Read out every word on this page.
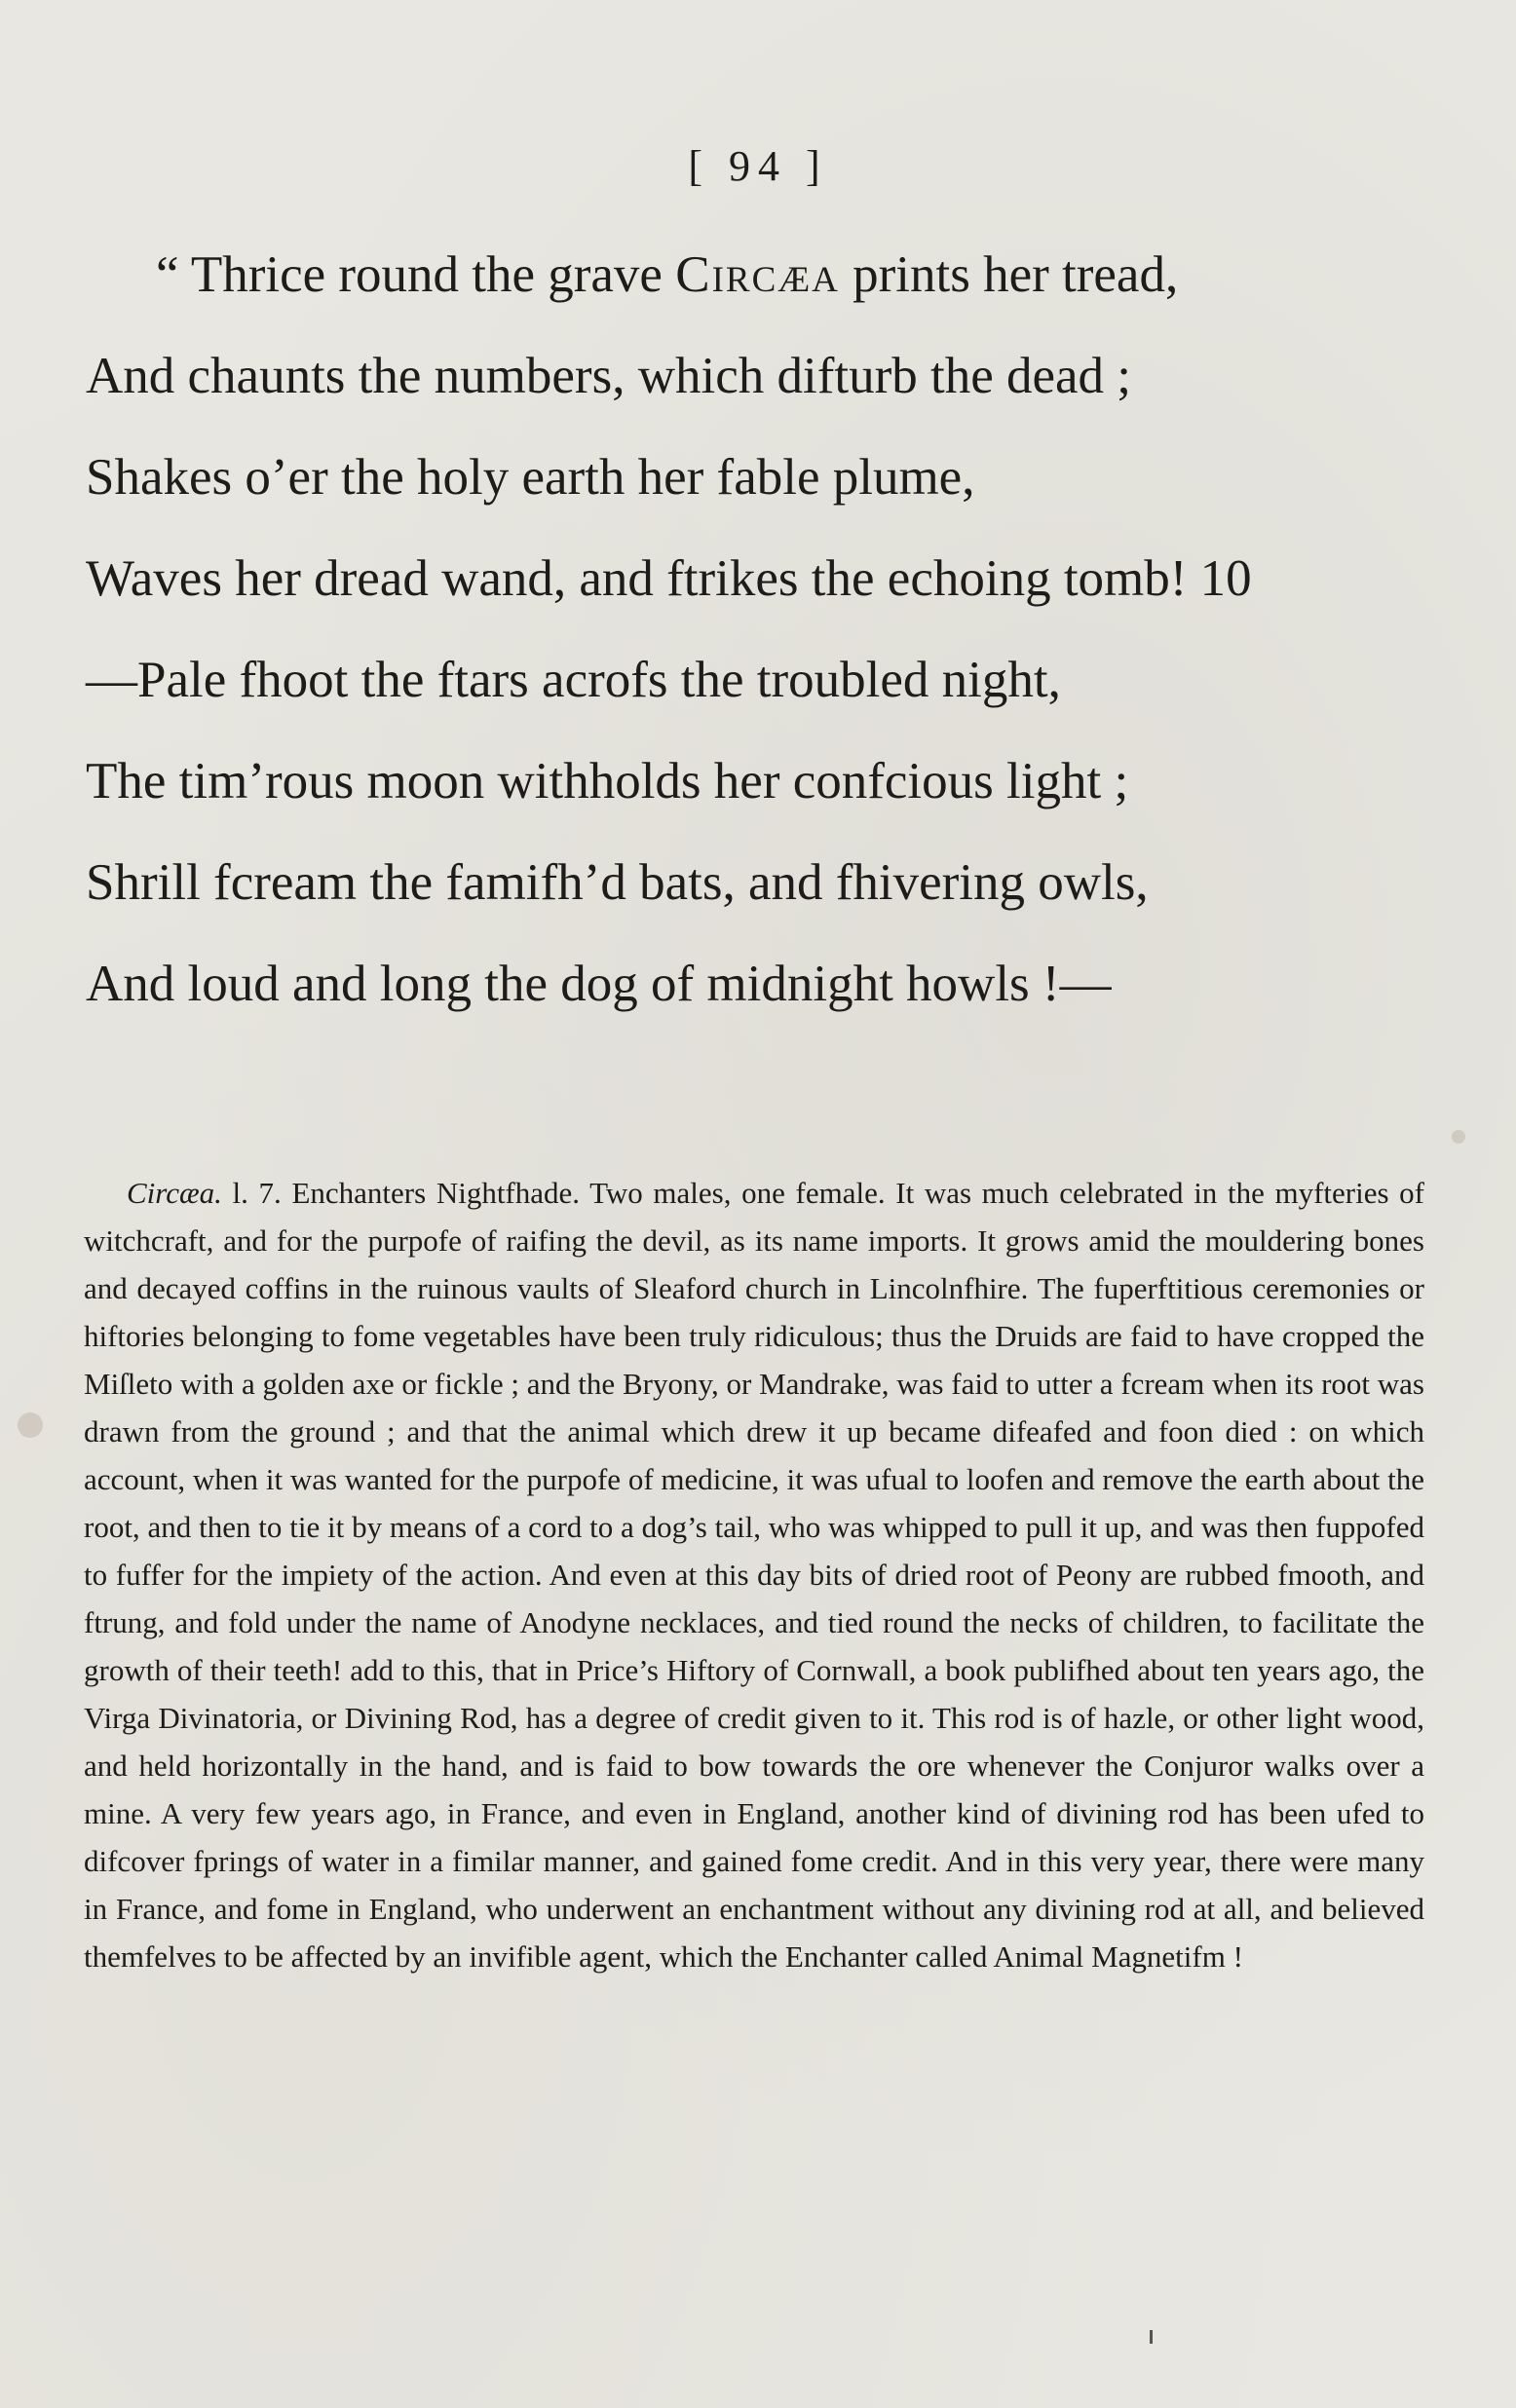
[ 94 ]
“ Thrice round the grave Circæa prints her tread,
And chaunts the numbers, which difturb the dead ;
Shakes o’er the holy earth her fable plume,
Waves her dread wand, and ftrikes the echoing tomb! 10
—Pale fhoot the ftars acrofs the troubled night,
The tim’rous moon withholds her confcious light ;
Shrill fcream the famifh’d bats, and fhivering owls,
And loud and long the dog of midnight howls !—
Circæa. l. 7. Enchanters Nightfhade. Two males, one female. It was much celebrated in the myfteries of witchcraft, and for the purpofe of raifing the devil, as its name imports. It grows amid the mouldering bones and decayed coffins in the ruinous vaults of Sleaford church in Lincolnfhire. The fuperftitious ceremonies or hiftories belonging to fome vegetables have been truly ridiculous; thus the Druids are faid to have cropped the Miſleto with a golden axe or fickle ; and the Bryony, or Mandrake, was faid to utter a fcream when its root was drawn from the ground ; and that the animal which drew it up became difeafed and foon died : on which account, when it was wanted for the purpofe of medicine, it was ufual to loofen and remove the earth about the root, and then to tie it by means of a cord to a dog’s tail, who was whipped to pull it up, and was then fuppofed to fuffer for the impiety of the action. And even at this day bits of dried root of Peony are rubbed fmooth, and ftrung, and fold under the name of Anodyne necklaces, and tied round the necks of children, to facilitate the growth of their teeth! add to this, that in Price’s Hiftory of Cornwall, a book publifhed about ten years ago, the Virga Divinatoria, or Divining Rod, has a degree of credit given to it. This rod is of hazle, or other light wood, and held horizontally in the hand, and is faid to bow towards the ore whenever the Conjuror walks over a mine. A very few years ago, in France, and even in England, another kind of divining rod has been ufed to difcover fprings of water in a fimilar manner, and gained fome credit. And in this very year, there were many in France, and fome in England, who underwent an enchantment without any divining rod at all, and believed themfelves to be affected by an invifible agent, which the Enchanter called Animal Magnetifm !
